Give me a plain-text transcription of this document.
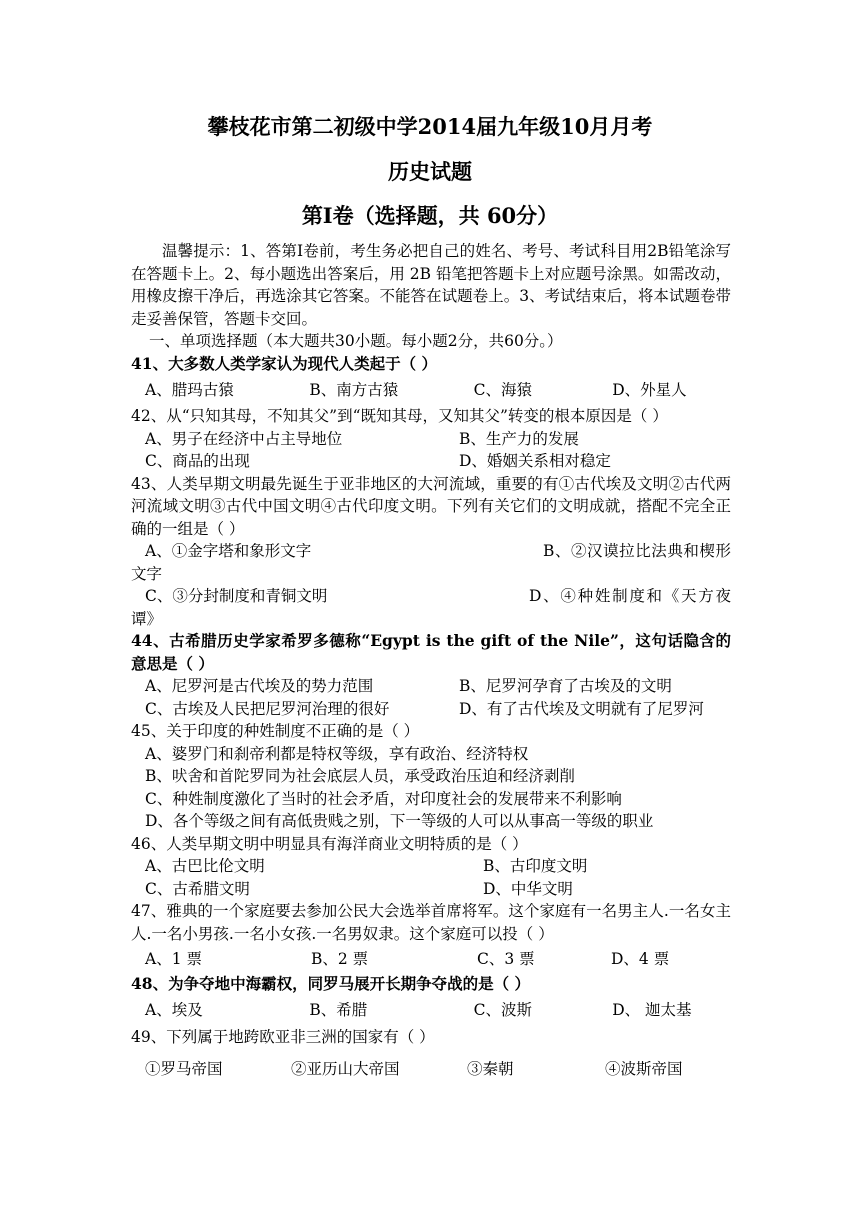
攀枝花市第二初级中学2014届九年级10月月考
历史试题
第Ⅰ卷（选择题，共 60分）

温馨提示：1、答第Ⅰ卷前，考生务必把自己的姓名、考号、考试科目用2B铅笔涂写在答题卡上。2、每小题选出答案后，用 2B 铅笔把答题卡上对应题号涂黑。如需改动，用橡皮擦干净后，再选涂其它答案。不能答在试题卷上。3、考试结束后，将本试题卷带走妥善保管，答题卡交回。

一、单项选择题（本大题共30小题。每小题2分，共60分。）

41、大多数人类学家认为现代人类起于（ ）

A、腊玛古猿	B、南方古猿	C、海猿	D、外星人

42、从“只知其母，不知其父”到“既知其母，又知其父”转变的根本原因是（ ）

A、男子在经济中占主导地位	B、生产力的发展
C、商品的出现	D、婚姻关系相对稳定

43、人类早期文明最先诞生于亚非地区的大河流域，重要的有①古代埃及文明②古代两河流域文明③古代中国文明④古代印度文明。下列有关它们的文明成就，搭配不完全正确的一组是（ ）

A、①金字塔和象形文字	B、②汉谟拉比法典和楔形文字

C、③分封制度和青铜文明	D、④种姓制度和《天方夜谭》

44、古希腊历史学家希罗多德称“Egypt is the gift of the Nile”，这句话隐含的意思是（ ）

A、尼罗河是古代埃及的势力范围	B、尼罗河孕育了古埃及的文明
C、古埃及人民把尼罗河治理的很好	D、有了古代埃及文明就有了尼罗河

45、关于印度的种姓制度不正确的是（ ）

A、婆罗门和刹帝利都是特权等级，享有政治、经济特权

B、吠舍和首陀罗同为社会底层人员，承受政治压迫和经济剥削

C、种姓制度激化了当时的社会矛盾，对印度社会的发展带来不利影响

D、各个等级之间有高低贵贱之别，下一等级的人可以从事高一等级的职业

46、人类早期文明中明显具有海洋商业文明特质的是（ ）

A、古巴比伦文明	B、古印度文明
C、古希腊文明	D、中华文明

47、雅典的一个家庭要去参加公民大会选举首席将军。这个家庭有一名男主人.一名女主人.一名小男孩.一名小女孩.一名男奴隶。这个家庭可以投（ ）

A、1 票	B、2 票	C、3 票	D、4 票

48、为争夺地中海霸权，同罗马展开长期争夺战的是（ ）

A、埃及	B、希腊	C、波斯	D、 迦太基

49、下列属于地跨欧亚非三洲的国家有（ ）

①罗马帝国	②亚历山大帝国	③秦朝	④波斯帝国
